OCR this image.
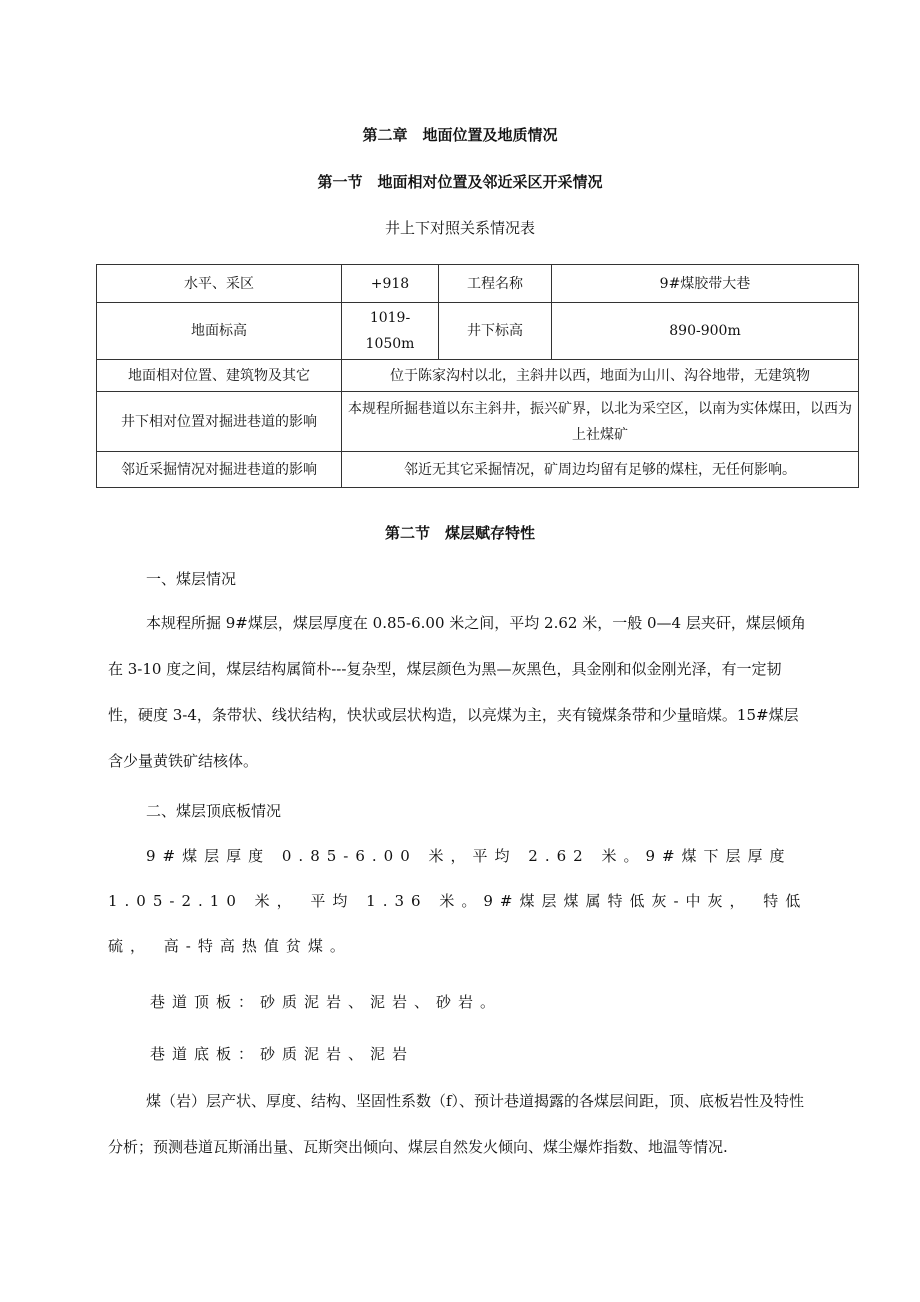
第二章　地面位置及地质情况
第一节　地面相对位置及邻近采区开采情况
井上下对照关系情况表
水平、采区	+918	工程名称	9#煤胶带大巷
地面标高	1019-1050m	井下标高	890-900m
地面相对位置、建筑物及其它	位于陈家沟村以北，主斜井以西，地面为山川、沟谷地带，无建筑物		
井下相对位置对掘进巷道的影响	本规程所掘巷道以东主斜井，振兴矿界，以北为采空区，以南为实体煤田，以西为上社煤矿		
邻近采掘情况对掘进巷道的影响	邻近无其它采掘情况，矿周边均留有足够的煤柱，无任何影响。		
第二节　煤层赋存特性
一、煤层情况
本规程所掘 9#煤层，煤层厚度在 0.85-6.00 米之间，平均 2.62 米，一般 0—4 层夹矸，煤层倾角在 3-10 度之间，煤层结构属简朴---复杂型，煤层颜色为黑—灰黑色，具金刚和似金刚光泽，有一定韧性，硬度 3-4，条带状、线状结构，快状或层状构造，以亮煤为主，夹有镜煤条带和少量暗煤。15#煤层含少量黄铁矿结核体。
二、煤层顶底板情况
9#煤层厚度 0.85-6.00 米，平均 2.62 米。9#煤下层厚度 1.05-2.10 米， 平均 1.36 米。9#煤层煤属特低灰-中灰， 特低硫， 高-特高热值贫煤。
巷道顶板：砂质泥岩、泥岩、砂岩。
巷道底板：砂质泥岩、泥岩
煤（岩）层产状、厚度、结构、坚固性系数（f）、预计巷道揭露的各煤层间距，顶、底板岩性及特性分析；预测巷道瓦斯涌出量、瓦斯突出倾向、煤层自然发火倾向、煤尘爆炸指数、地温等情况.
